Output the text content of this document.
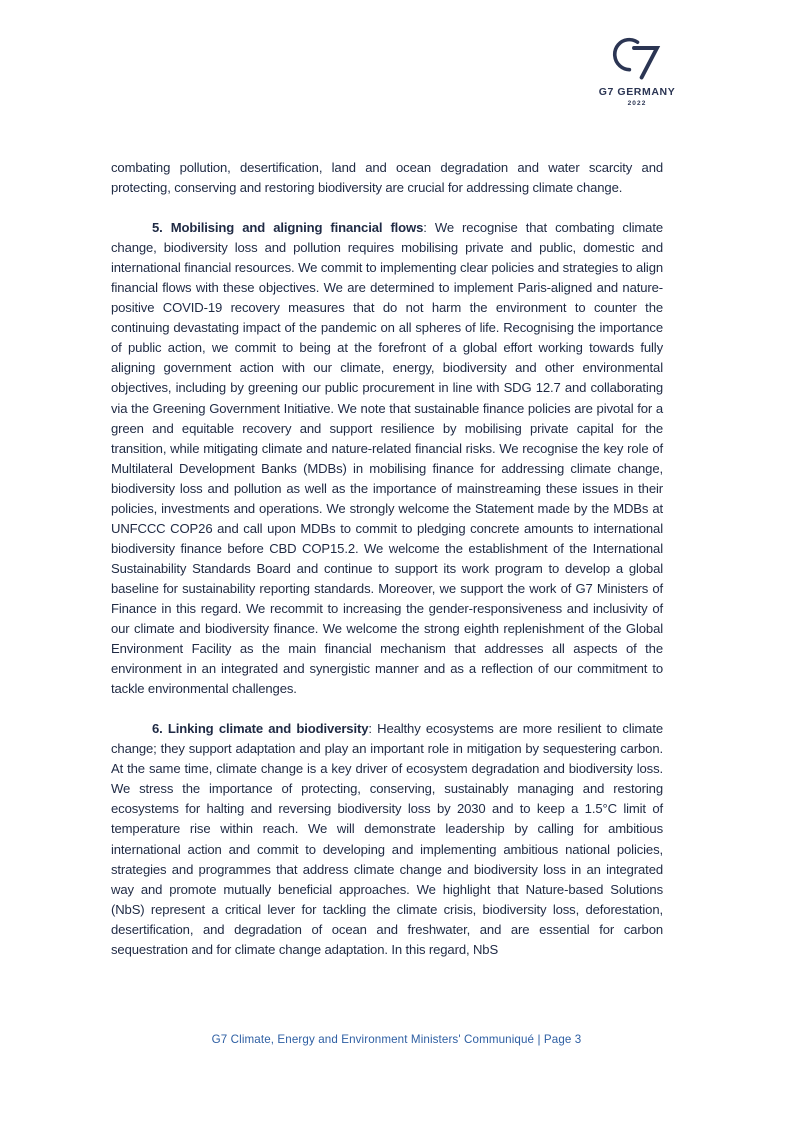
G7 GERMANY
2022

combating pollution, desertification, land and ocean degradation and water scarcity and protecting, conserving and restoring biodiversity are crucial for addressing climate change.

5. Mobilising and aligning financial flows: We recognise that combating climate change, biodiversity loss and pollution requires mobilising private and public, domestic and international financial resources. We commit to implementing clear policies and strategies to align financial flows with these objectives. We are determined to implement Paris-aligned and nature-positive COVID-19 recovery measures that do not harm the environment to counter the continuing devastating impact of the pandemic on all spheres of life. Recognising the importance of public action, we commit to being at the forefront of a global effort working towards fully aligning government action with our climate, energy, biodiversity and other environmental objectives, including by greening our public procurement in line with SDG 12.7 and collaborating via the Greening Government Initiative. We note that sustainable finance policies are pivotal for a green and equitable recovery and support resilience by mobilising private capital for the transition, while mitigating climate and nature-related financial risks. We recognise the key role of Multilateral Development Banks (MDBs) in mobilising finance for addressing climate change, biodiversity loss and pollution as well as the importance of mainstreaming these issues in their policies, investments and operations. We strongly welcome the Statement made by the MDBs at UNFCCC COP26 and call upon MDBs to commit to pledging concrete amounts to international biodiversity finance before CBD COP15.2. We welcome the establishment of the International Sustainability Standards Board and continue to support its work program to develop a global baseline for sustainability reporting standards. Moreover, we support the work of G7 Ministers of Finance in this regard. We recommit to increasing the gender-responsiveness and inclusivity of our climate and biodiversity finance. We welcome the strong eighth replenishment of the Global Environment Facility as the main financial mechanism that addresses all aspects of the environment in an integrated and synergistic manner and as a reflection of our commitment to tackle environmental challenges.

6. Linking climate and biodiversity: Healthy ecosystems are more resilient to climate change; they support adaptation and play an important role in mitigation by sequestering carbon. At the same time, climate change is a key driver of ecosystem degradation and biodiversity loss. We stress the importance of protecting, conserving, sustainably managing and restoring ecosystems for halting and reversing biodiversity loss by 2030 and to keep a 1.5°C limit of temperature rise within reach. We will demonstrate leadership by calling for ambitious international action and commit to developing and implementing ambitious national policies, strategies and programmes that address climate change and biodiversity loss in an integrated way and promote mutually beneficial approaches. We highlight that Nature-based Solutions (NbS) represent a critical lever for tackling the climate crisis, biodiversity loss, deforestation, desertification, and degradation of ocean and freshwater, and are essential for carbon sequestration and for climate change adaptation. In this regard, NbS

G7 Climate, Energy and Environment Ministers' Communiqué | Page 3
